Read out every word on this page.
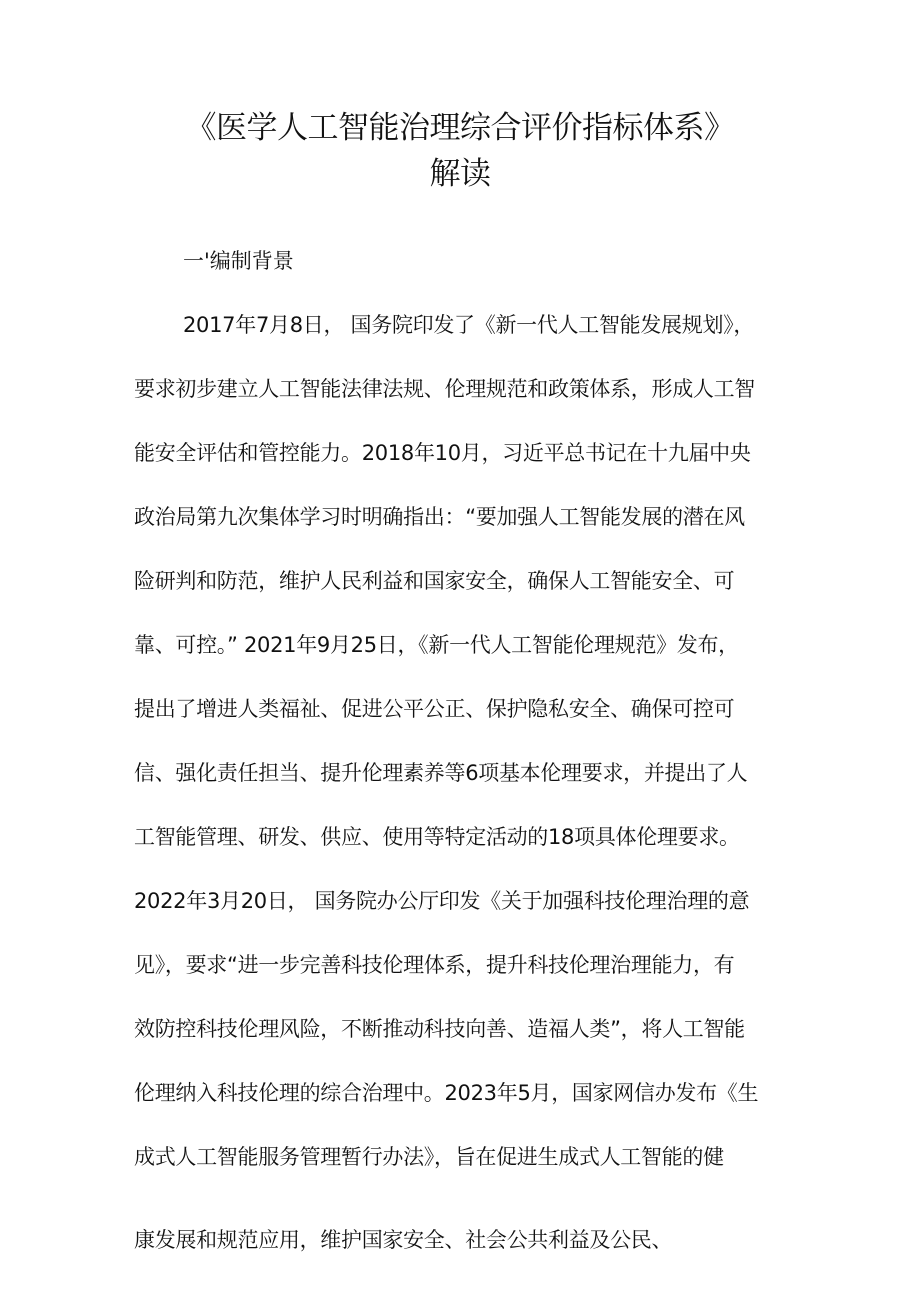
《医学人工智能治理综合评价指标体系》
解读
一'编制背景
2017年7月8日， 国务院印发了《新一代人工智能发展规划》，
要求初步建立人工智能法律法规、伦理规范和政策体系，形成人工智
能安全评估和管控能力。2018年10月，习近平总书记在十九届中央
政治局第九次集体学习时明确指出：“要加强人工智能发展的潜在风
险研判和防范，维护人民利益和国家安全，确保人工智能安全、可
靠、可控。” 2021年9月25日，《新一代人工智能伦理规范》发布，
提出了增进人类福祉、促进公平公正、保护隐私安全、确保可控可
信、强化责任担当、提升伦理素养等6项基本伦理要求，并提出了人
工智能管理、研发、供应、使用等特定活动的18项具体伦理要求。
2022年3月20日， 国务院办公厅印发《关于加强科技伦理治理的意
见》，要求“进一步完善科技伦理体系，提升科技伦理治理能力，有
效防控科技伦理风险，不断推动科技向善、造福人类”，将人工智能
伦理纳入科技伦理的综合治理中。2023年5月，国家网信办发布《生
成式人工智能服务管理暂行办法》，旨在促进生成式人工智能的健
康发展和规范应用，维护国家安全、社会公共利益及公民、
